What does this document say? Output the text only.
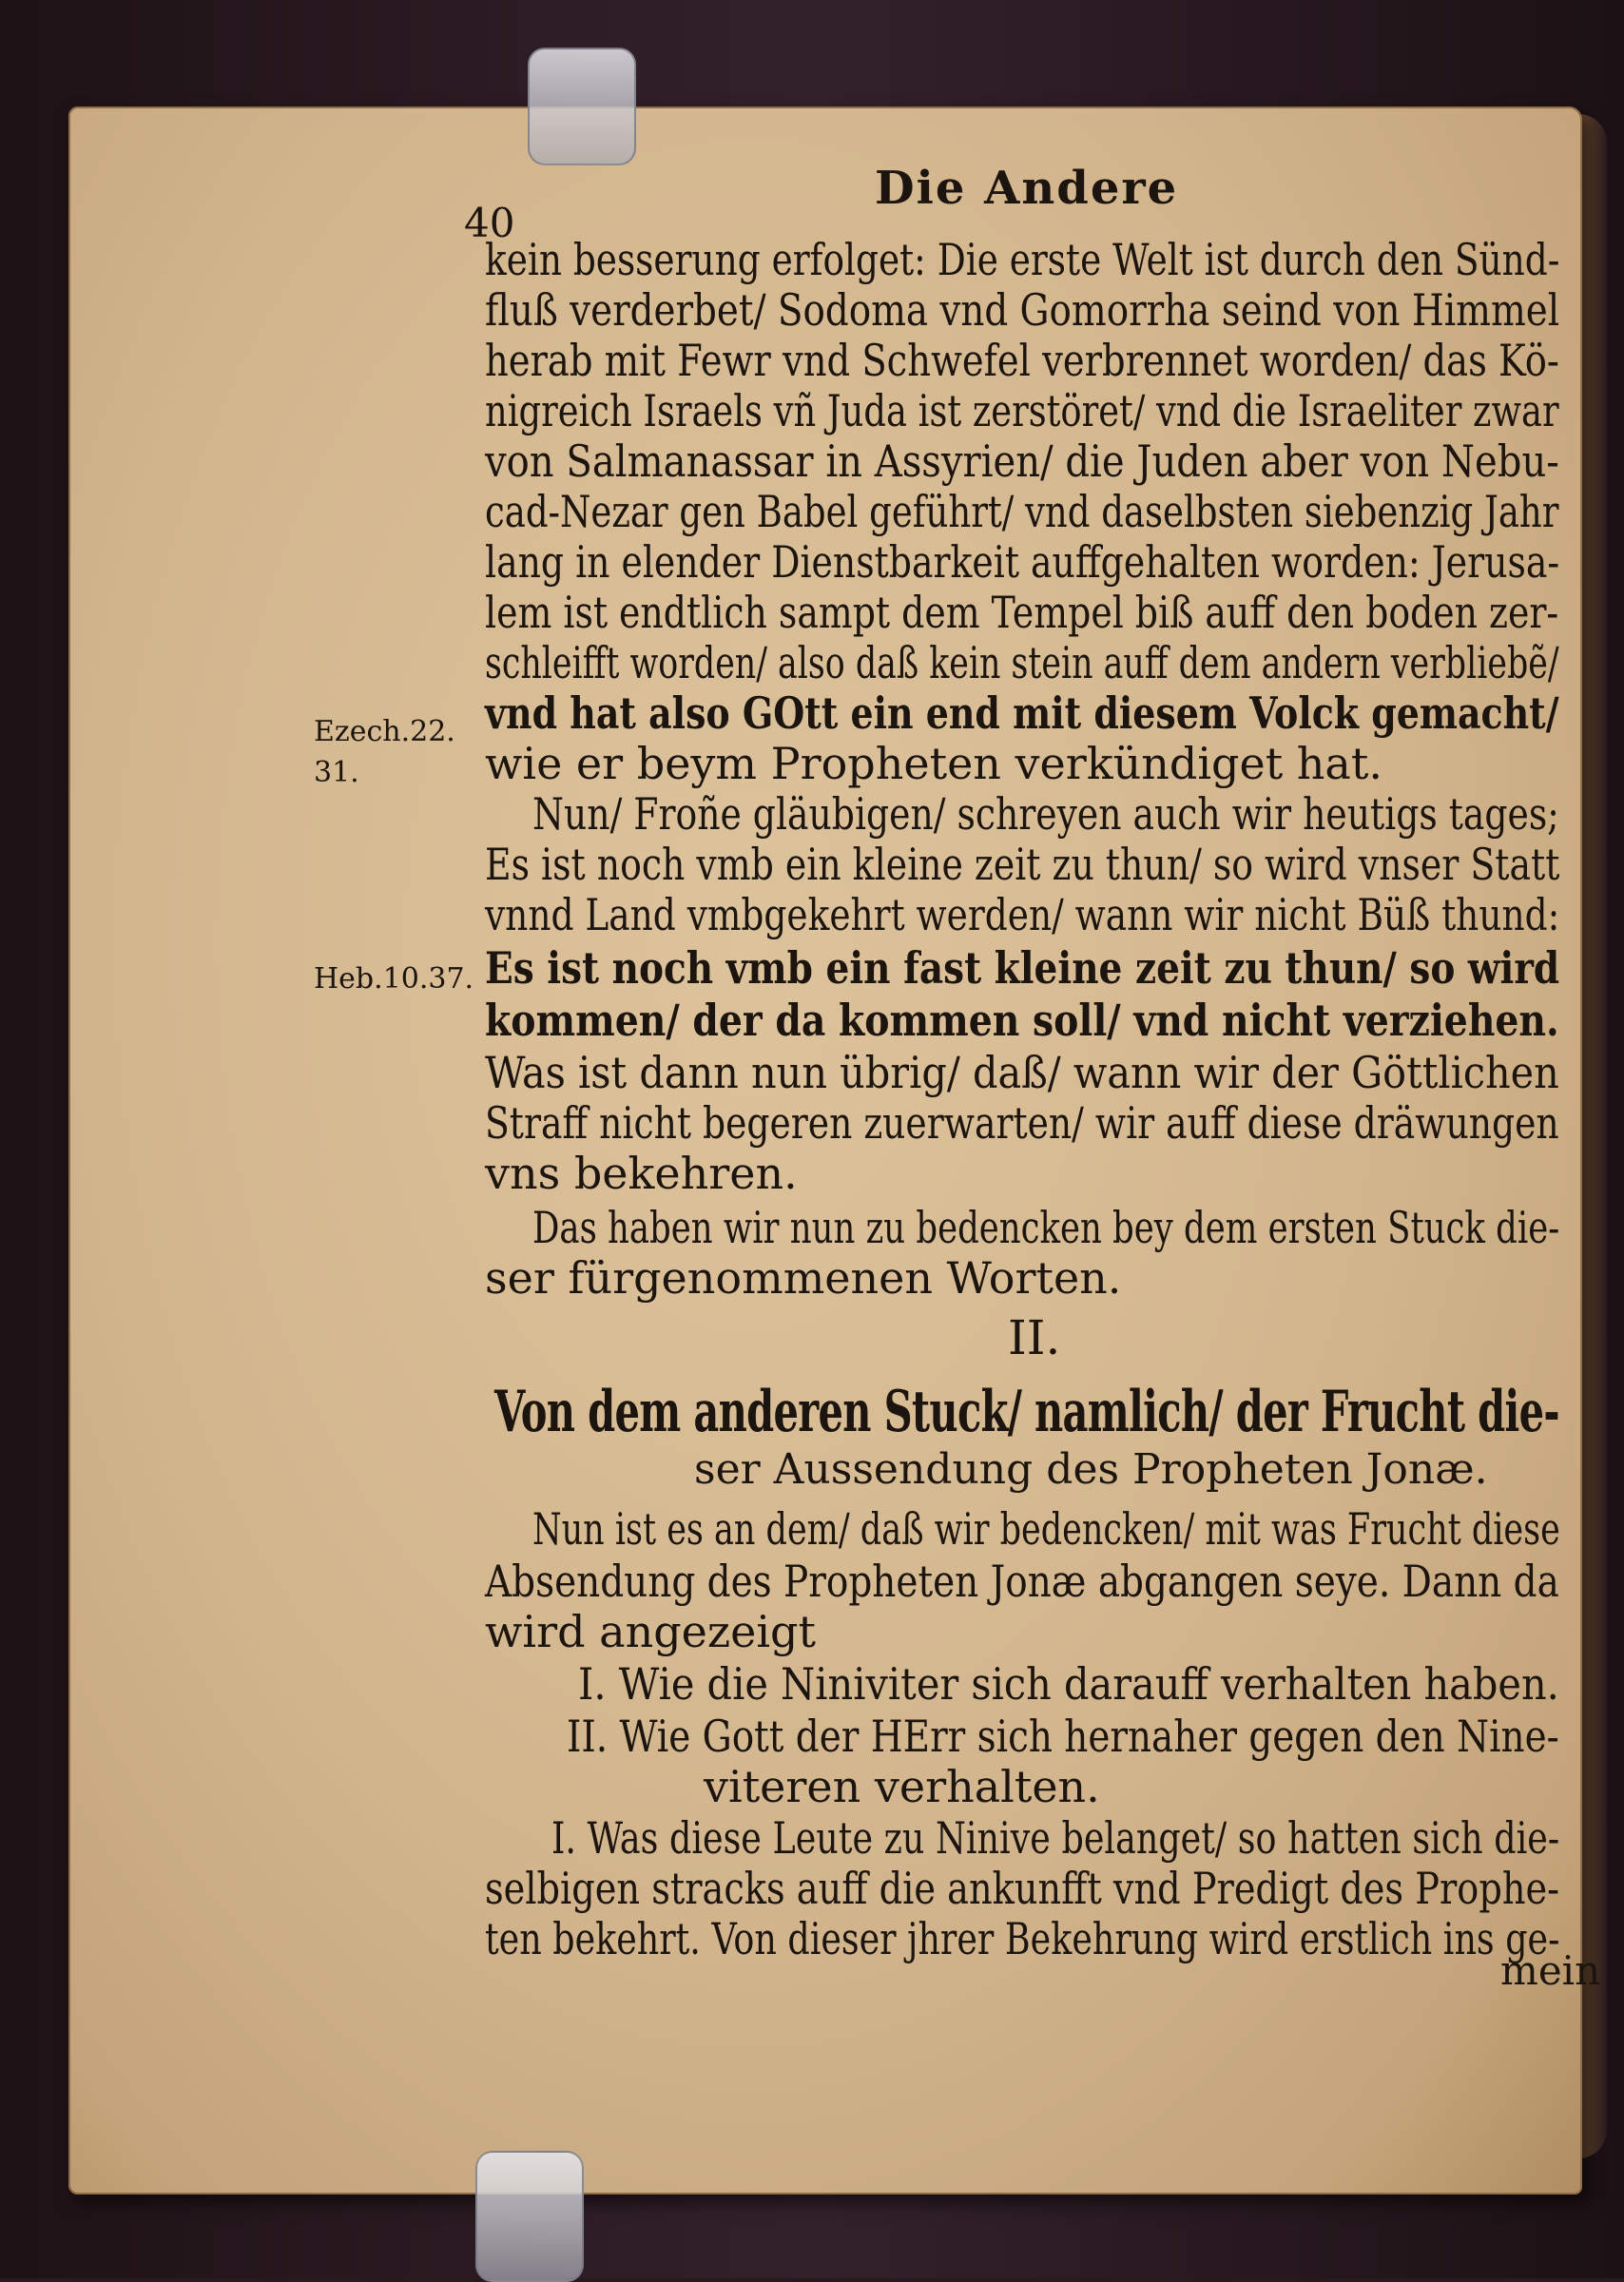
Die Andere
40
Ezech.22.
31.
Heb.10.37.
kein besserung erfolget: Die erste Welt ist durch den Sünd-
fluß verderbet/ Sodoma vnd Gomorrha seind von Himmel
herab mit Fewr vnd Schwefel verbrennet worden/ das Kö-
nigreich Israels vñ Juda ist zerstöret/ vnd die Israeliter zwar
von Salmanassar in Assyrien/ die Juden aber von Nebu-
cad-Nezar gen Babel geführt/ vnd daselbsten siebenzig Jahr
lang in elender Dienstbarkeit auffgehalten worden: Jerusa-
lem ist endtlich sampt dem Tempel biß auff den boden zer-
schleifft worden/ also daß kein stein auff dem andern verbliebẽ/
vnd hat also GOtt ein end mit diesem Volck gemacht/
wie er beym Propheten verkündiget hat.
Nun/ Froñe gläubigen/ schreyen auch wir heutigs tages;
Es ist noch vmb ein kleine zeit zu thun/ so wird vnser Statt
vnnd Land vmbgekehrt werden/ wann wir nicht Büß thund:
Es ist noch vmb ein fast kleine zeit zu thun/ so wird
kommen/ der da kommen soll/ vnd nicht verziehen.
Was ist dann nun übrig/ daß/ wann wir der Göttlichen
Straff nicht begeren zuerwarten/ wir auff diese dräwungen
vns bekehren.
Das haben wir nun zu bedencken bey dem ersten Stuck die-
ser fürgenommenen Worten.
II.
Von dem anderen Stuck/ namlich/ der Frucht die-
ser Aussendung des Propheten Jonæ.
Nun ist es an dem/ daß wir bedencken/ mit was Frucht diese
Absendung des Propheten Jonæ abgangen seye. Dann da
wird angezeigt
I. Wie die Niniviter sich darauff verhalten haben.
II. Wie Gott der HErr sich hernaher gegen den Nine-
viteren verhalten.
I. Was diese Leute zu Ninive belanget/ so hatten sich die-
selbigen stracks auff die ankunfft vnd Predigt des Prophe-
ten bekehrt. Von dieser jhrer Bekehrung wird erstlich ins ge-
mein
